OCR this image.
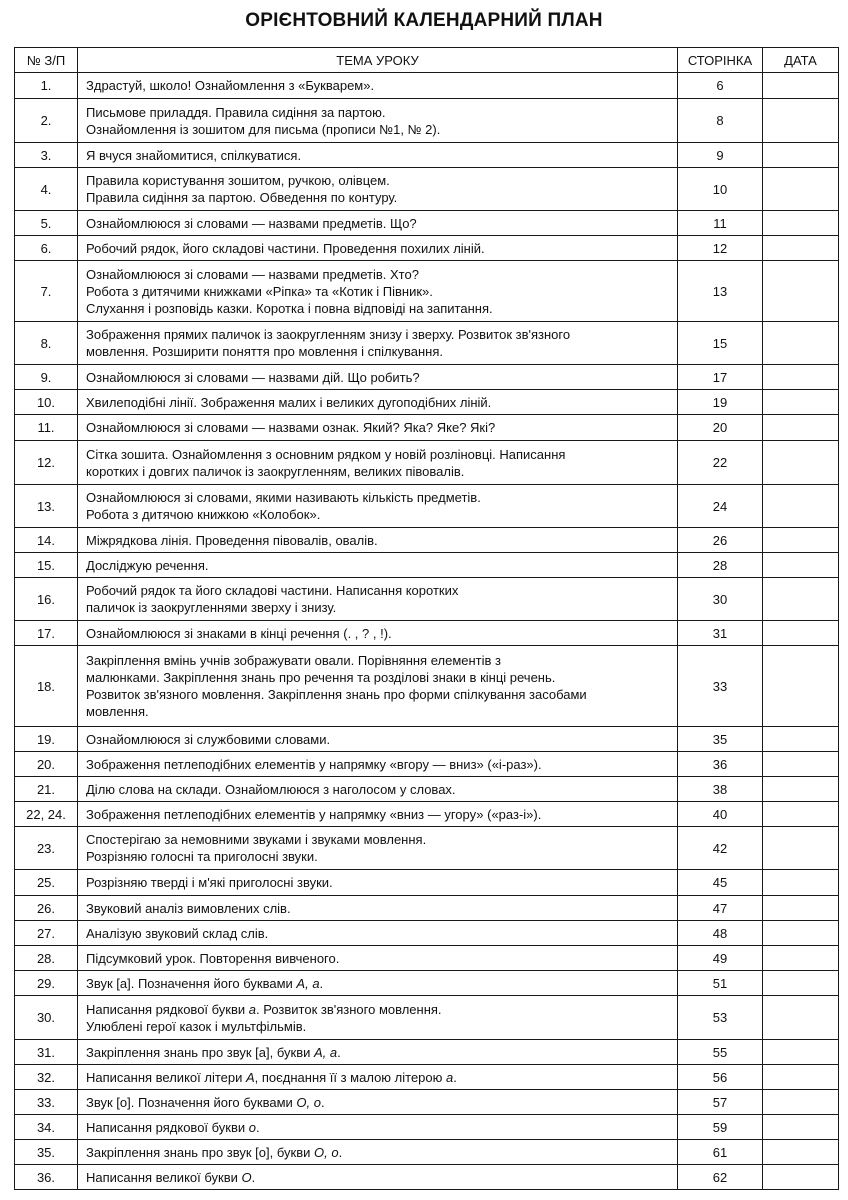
ОРІЄНТОВНИЙ КАЛЕНДАРНИЙ ПЛАН
№ З/П	ТЕМА УРОКУ	СТОРІНКА	ДАТА
1.	Здрастуй, школо! Ознайомлення з «Букварем».	6	
2.	Письмове приладдя. Правила сидіння за партою.
Ознайомлення із зошитом для письма (прописи №1, № 2).	8	
3.	Я вчуся знайомитися, спілкуватися.	9	
4.	Правила користування зошитом, ручкою, олівцем.
Правила сидіння за партою. Обведення по контуру.	10	
5.	Ознайомлююся зі словами — назвами предметів. Що?	11	
6.	Робочий рядок, його складові частини. Проведення похилих ліній.	12	
7.	Ознайомлююся зі словами — назвами предметів. Хто?
Робота з дитячими книжками «Ріпка» та «Котик і Півник».
Слухання і розповідь казки. Коротка і повна відповіді на запитання.	13	
8.	Зображення прямих паличок із заокругленням знизу і зверху. Розвиток зв'язного
мовлення. Розширити поняття про мовлення і спілкування.	15	
9.	Ознайомлююся зі словами — назвами дій. Що робить?	17	
10.	Хвилеподібні лінії. Зображення малих і великих дугоподібних ліній.	19	
11.	Ознайомлююся зі словами — назвами ознак. Який? Яка? Яке? Які?	20	
12.	Сітка зошита. Ознайомлення з основним рядком у новій розліновці. Написання
коротких і довгих паличок із заокругленням, великих півовалів.	22	
13.	Ознайомлююся зі словами, якими називають кількість предметів.
Робота з дитячою книжкою «Колобок».	24	
14.	Міжрядкова лінія. Проведення півовалів, овалів.	26	
15.	Досліджую речення.	28	
16.	Робочий рядок та його складові частини. Написання коротких
паличок із заокругленнями зверху і знизу.	30	
17.	Ознайомлююся зі знаками в кінці речення (. , ? , !).	31	
18.	Закріплення вмінь учнів зображувати овали. Порівняння елементів з
малюнками. Закріплення знань про речення та розділові знаки в кінці речень.
Розвиток зв'язного мовлення. Закріплення знань про форми спілкування засобами
мовлення.	33	
19.	Ознайомлююся зі службовими словами.	35	
20.	Зображення петлеподібних елементів у напрямку «вгору — вниз» («і-раз»).	36	
21.	Ділю слова на склади. Ознайомлююся з наголосом у словах.	38	
22, 24.	Зображення петлеподібних елементів у напрямку «вниз — угору» («раз-і»).	40	
23.	Спостерігаю за немовними звуками і звуками мовлення.
Розрізняю голосні та приголосні звуки.	42	
25.	Розрізняю тверді і м'які приголосні звуки.	45	
26.	Звуковий аналіз вимовлених слів.	47	
27.	Аналізую звуковий склад слів.	48	
28.	Підсумковий урок. Повторення вивченого.	49	
29.	Звук [а]. Позначення його буквами А, а.	51	
30.	Написання рядкової букви а. Розвиток зв'язного мовлення.
Улюблені герої казок і мультфільмів.	53	
31.	Закріплення знань про звук [а], букви А, а.	55	
32.	Написання великої літери А, поєднання її з малою літерою а.	56	
33.	Звук [о]. Позначення його буквами О, о.	57	
34.	Написання рядкової букви о.	59	
35.	Закріплення знань про звук [о], букви О, о.	61	
36.	Написання великої букви О.	62	
